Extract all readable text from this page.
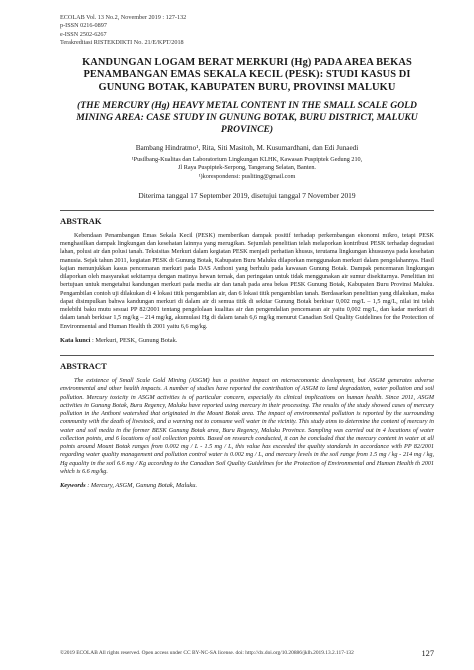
ECOLAB Vol. 13 No.2, November 2019 : 127-132
p-ISSN 0216-0897
e-ISSN 2502-6267
Terakreditasi RISTEKDIKTI No. 21/E/KPT/2018
KANDUNGAN LOGAM BERAT MERKURI (Hg) PADA AREA BEKAS PENAMBANGAN EMAS SEKALA KECIL (PESK): STUDI KASUS DI GUNUNG BOTAK, KABUPATEN BURU, PROVINSI MALUKU
(THE MERCURY (Hg) HEAVY METAL CONTENT IN THE SMALL SCALE GOLD MINING AREA: CASE STUDY IN GUNUNG BOTAK, BURU DISTRICT, MALUKU PROVINCE)
Bambang Hindratmo¹, Rita, Siti Masitoh, M. Kusumardhani, dan Edi Junaedi
¹Pusilbang-Kualitas dan Laboratorium Lingkungan KLHK, Kawasan Puspiptek Gedung 210,
Jl Raya Puspiptek-Serpong, Tangerang Selatan, Banten.
¹)korespondensi: pusliting@gmail.com
Diterima tanggal 17 September 2019, disetujui tanggal 7 November 2019
ABSTRAK

Kebendaan Penambangan Emas Sekala Kecil (PESK) memberikan dampak positif terhadap perkembangan ekonomi mikro, tetapi PESK menghasilkan dampak lingkungan dan kesehatan lainnya yang merugikan. Sejumlah penelitian telah melaporkan kontribusi PESK terhadap degradasi lahan, polusi air dan polusi tanah. Teksisitas Merkuri dalam kegiatan PESK menjadi perhatian khusus, terutama lingkungan khususnya pada kesehatan manusia. Sejak tahun 2011, kegiatan PESK di Gunung Botak, Kabupaten Buru Maluku dilaporkan menggunakan merkuri dalam pengolahannya. Hasil kajian menunjukkan kasus pencemaran merkuri pada DAS Anthoni yang berhulu pada kawasan Gunung Botak. Dampak pencemaran lingkungan dilaporkan oleh masyarakat sekitarnya dengan matinya hewan ternak, dan peringatan untuk tidak menggunakan air sumur disekitarnya. Penelitian ini bertujuan untuk mengetahui kandungan merkuri pada media air dan tanah pada area bekas PESK Gunung Botak, Kabupaten Buru Provinsi Maluku. Pengambilan contoh uji dilakukan di 4 lokasi titik pengambilan air, dan 6 lokasi titik pengambilan tanah. Berdasarkan penelitian yang dilakukan, maka dapat disimpulkan bahwa kandungan merkuri di dalam air di semua titik di sekitar Gunung Botak berkisar 0,002 mg/L – 1,5 mg/L, nilai ini telah melebihi baku mutu sesuai PP 82/2001 tentang pengelolaan kualitas air dan pengendalian pencemaran air yaitu 0,002 mg/L, dan kadar merkuri di dalam tanah berkisar 1,5 mg/kg – 214 mg/kg, akumulasi Hg di dalam tanah 6,6 mg/kg menurut Canadian Soil Quality Guidelines for the Protection of Environmental and Human Health th 2001 yaitu 6,6 mg/kg.

Kata kunci : Merkuri, PESK, Gunung Botak.
ABSTRACT

The existence of Small Scale Gold Mining (ASGM) has a positive impact on microeconomic development, but ASGM generates adverse environmental and other health impacts. A number of studies have reported the contribution of ASGM to land degradation, water pollution and soil pollution. Mercury toxicity in ASGM activities is of particular concern, especially its clinical implications on human health. Since 2011, ASGM activities in Gunung Botak, Buru Regency, Maluku have reported using mercury in their processing. The results of the study showed cases of mercury pollution in the Anthoni watershed that originated in the Mount Botak area. The impact of environmental pollution is reported by the surrounding community with the death of livestock, and a warning not to consume well water in the vicinity. This study aims to determine the content of mercury in water and soil media in the former BESK Gunung Botak area, Buru Regency, Maluku Province. Sampling was carried out in 4 locations of water collection points, and 6 locations of soil collection points. Based on research conducted, it can be concluded that the mercury content in water at all points around Mount Botak ranges from 0.002 mg / L - 1.5 mg / L, this value has exceeded the quality standards in accordance with PP 82/2001 regarding water quality management and pollution control water is 0.002 mg / L, and mercury levels in the soil range from 1.5 mg / kg - 214 mg / kg, Hg equality in the soil 6.6 mg / Kg according to the Canadian Soil Quality Guidelines for the Protection of Environmental and Human Health th 2001 which is 6.6 mg/kg.

Keywords : Mercury, ASGM, Gunung Botak, Maluku.
©2019 ECOLAB All rights reserved. Open access under CC BY-NC-SA license. doi: http://dx.doi.org/10.20886/jklh.2019.13.2.117-132	127
